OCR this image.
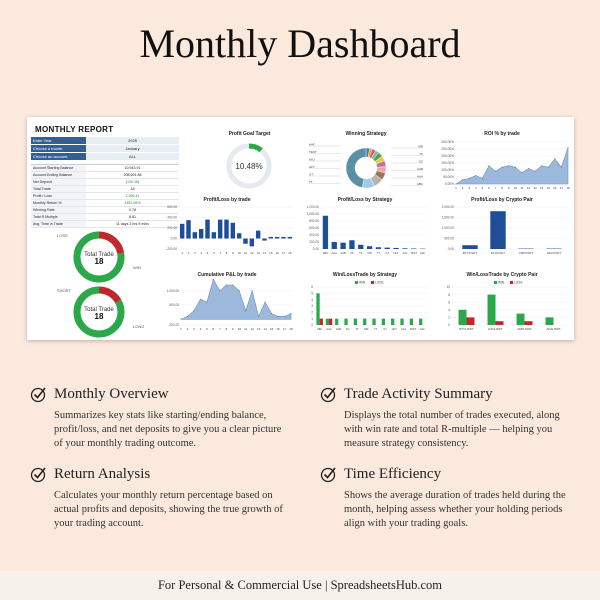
Monthly Dashboard
MONTHLY REPORT
Enter Year	2025
Choose a month	January
Choose an account	ALL
Account Starting Balance	10,943.91
Account Ending Balance	208,691.86
Net Deposit	(120.18)
Total Trade	18
Profit / Loss	2,395.41
Monthly Return %	1452.99%
Winning Rate	0.78
Total R Multiple	8.81
Avg. Time in Trade	11 days 3 hrs 9 mins
Total Trade
18
LOSS
WIN
Total Trade
18
SHORT
LONG
Profit Goal Target
10.48%
Winning Strategy
AAF
TEST
AAJ
HFT
GT
TT
MR
TF
SC
AAB
AAA
ABC
ROI % by trade
0.00%
50.00%
100.00%
150.00%
200.00%
250.00%
300.00%
1 2 3 4 5 6 7 8 9 10 11 12 13 14 15 16 17 18
Profit/Loss by trade
-200.00
0.00
200.00
400.00
600.00
1 2 3 4 5 6 7 8 9 10 11 12 13 14 15 16 17 18
Profit/Loss by Strategy
0.00
200.00
400.00
600.00
800.00
1,000.00
1,200.00
ABC AAA AAB SC TF MR TT GT HFT AAJ TEST AAF
Profit/Loss by Crypto Pair
0.00
500.00
1,000.00
1,500.00
2,000.00
BTCUSDT	ETHUSDT	XRPUSDT	ADAUSDT
Cumulative P&L by trade
-200.00
500.00
1,000.00
1 2 3 4 5 6 7 8 9 10 11 12 13 14 15 16 17 18
Win/LossTrade by Strategy
0
1
2
3
4
5
6
WIN	LOSS
ABC AAA AAB SC TF MR TT GT HFT AAJ TEST AAF
Win/LossTrade by Crypto Pair
0
2
4
6
8
10
WIN	LOSS
BTCUSDT	ETHUSDT	XRPUSDT	ADAUSDT
Monthly Overview
Summarizes key stats like starting/ending balance, profit/loss, and net deposits to give you a clear picture of your monthly trading outcome.
Trade Activity Summary
Displays the total number of trades executed, along with win rate and total R-multiple — helping you measure strategy consistency.
Return Analysis
Calculates your monthly return percentage based on actual profits and deposits, showing the true growth of your trading account.
Time Efficiency
Shows the average duration of trades held during the month, helping assess whether your holding periods align with your trading goals.
For Personal & Commercial Use | SpreadsheetsHub.com
